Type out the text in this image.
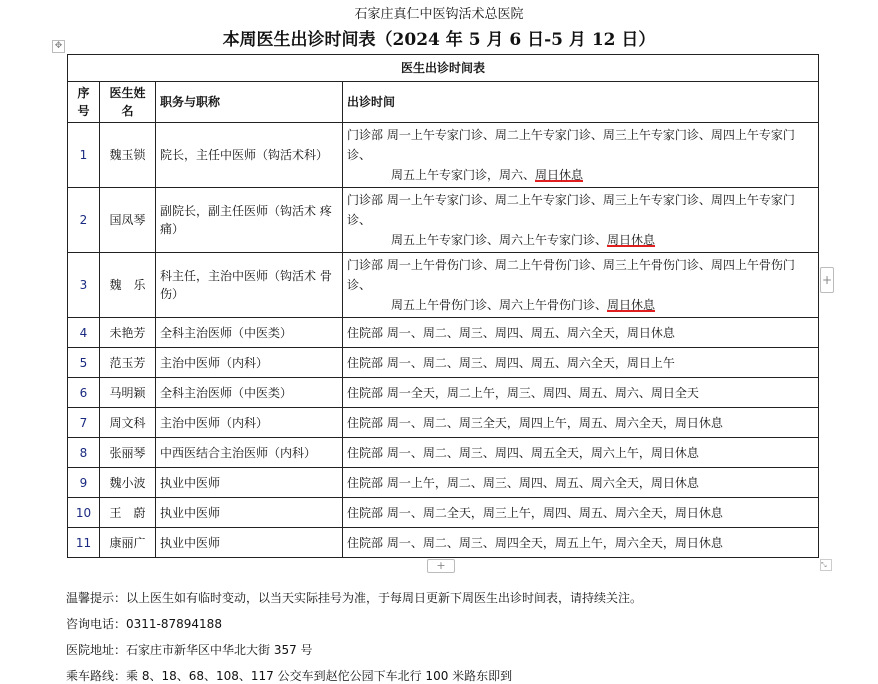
石家庄真仁中医钩活术总医院
✥	本周医生出诊时间表（2024 年 5 月 6 日-5 月 12 日）
医生出诊时间表			
序号	医生姓名	职务与职称	出诊时间
1	魏玉锁	院长，主任中医师（钩活术科）	门诊部 周一上午专家门诊、周二上午专家门诊、周三上午专家门诊、周四上午专家门诊、
周五上午专家门诊，周六、周日休息

2	国凤琴	副院长，副主任医师（钩活术 疼痛）	门诊部 周一上午专家门诊、周二上午专家门诊、周三上午专家门诊、周四上午专家门诊、
周五上午专家门诊、周六上午专家门诊、周日休息

3	魏　乐	科主任，主治中医师（钩活术 骨伤）	门诊部 周一上午骨伤门诊、周二上午骨伤门诊、周三上午骨伤门诊、周四上午骨伤门诊、
周五上午骨伤门诊、周六上午骨伤门诊、周日休息

4	未艳芳	全科主治医师（中医类）	住院部 周一、周二、周三、周四、周五、周六全天，周日休息
5	范玉芳	主治中医师（内科）	住院部 周一、周二、周三、周四、周五、周六全天，周日上午
6	马明颖	全科主治医师（中医类）	住院部 周一全天，周二上午，周三、周四、周五、周六、周日全天
7	周文科	主治中医师（内科）	住院部 周一、周二、周三全天，周四上午，周五、周六全天，周日休息
8	张丽琴	中西医结合主治医师（内科）	住院部 周一、周二、周三、周四、周五全天，周六上午，周日休息
9	魏小波	执业中医师	住院部 周一上午，周二、周三、周四、周五、周六全天，周日休息
10	王　蔚	执业中医师	住院部 周一、周二全天，周三上午，周四、周五、周六全天，周日休息
11	康丽广	执业中医师	住院部 周一、周二、周三、周四全天，周五上午，周六全天，周日休息
+
+	⤡
温馨提示：以上医生如有临时变动，以当天实际挂号为准，于每周日更新下周医生出诊时间表，请持续关注。
咨询电话：0311-87894188
医院地址：石家庄市新华区中华北大街 357 号
乘车路线：乘 8、18、68、108、117 公交车到赵佗公园下车北行 100 米路东即到
